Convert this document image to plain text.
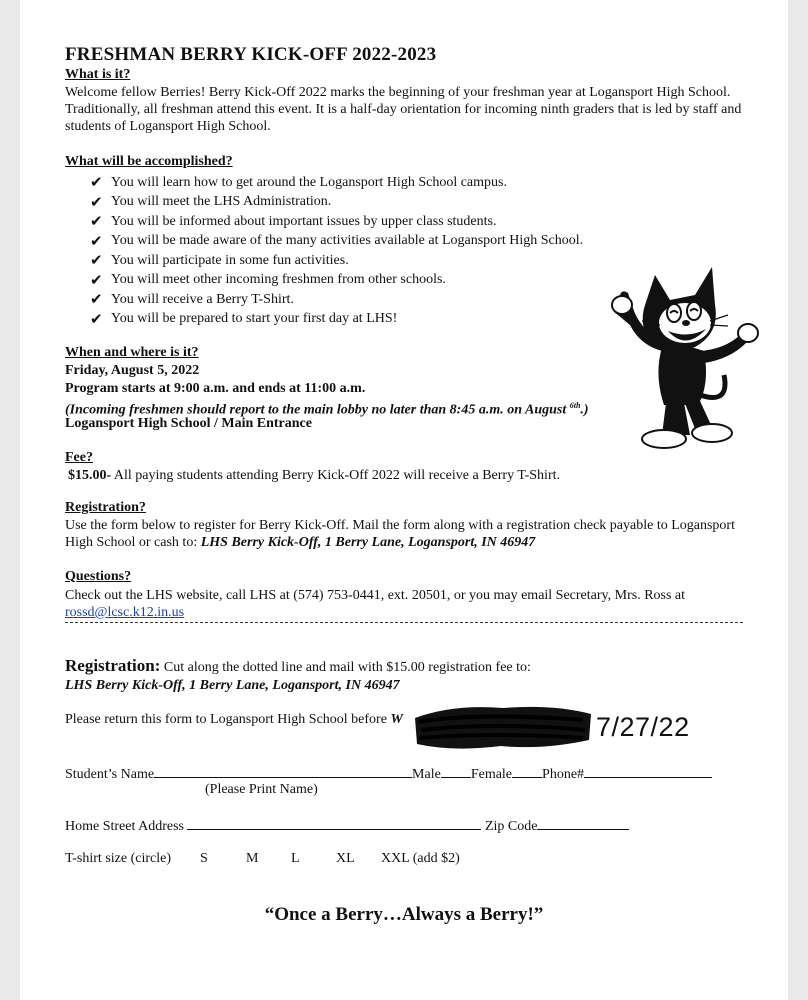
FRESHMAN BERRY KICK-OFF 2022-2023
What is it?
Welcome fellow Berries! Berry Kick-Off 2022 marks the beginning of your freshman year at Logansport High School. Traditionally, all freshman attend this event. It is a half-day orientation for incoming ninth graders that is led by staff and students of Logansport High School.
What will be accomplished?
✔ You will learn how to get around the Logansport High School campus.
✔ You will meet the LHS Administration.
✔ You will be informed about important issues by upper class students.
✔ You will be made aware of the many activities available at Logansport High School.
✔ You will participate in some fun activities.
✔ You will meet other incoming freshmen from other schools.
✔ You will receive a Berry T-Shirt.
✔ You will be prepared to start your first day at LHS!
When and where is it?
Friday, August 5, 2022
Program starts at 9:00 a.m. and ends at 11:00 a.m.
(Incoming freshmen should report to the main lobby no later than 8:45 a.m. on August $^{6th}$.)
Logansport High School / Main Entrance
Fee?
$15.00- All paying students attending Berry Kick-Off 2022 will receive a Berry T-Shirt.
Registration?
Use the form below to register for Berry Kick-Off. Mail the form along with a registration check payable to Logansport High School or cash to: LHS Berry Kick-Off, 1 Berry Lane, Logansport, IN 46947
Questions?
Check out the LHS website, call LHS at (574) 753-0441, ext. 20501, or you may email Secretary, Mrs. Ross at
rossd@lcsc.k12.in.us
Registration: Cut along the dotted line and mail with $15.00 registration fee to:
LHS Berry Kick-Off, 1 Berry Lane, Logansport, IN 46947
Please return this form to Logansport High School before W	7/27/22
Student’s Name	Male Female Phone#
(Please Print Name)
Home Street Address	Zip Code
T-shirt size (circle) S	M L	XL XXL (add $2)
“Once a Berry…Always a Berry!”
